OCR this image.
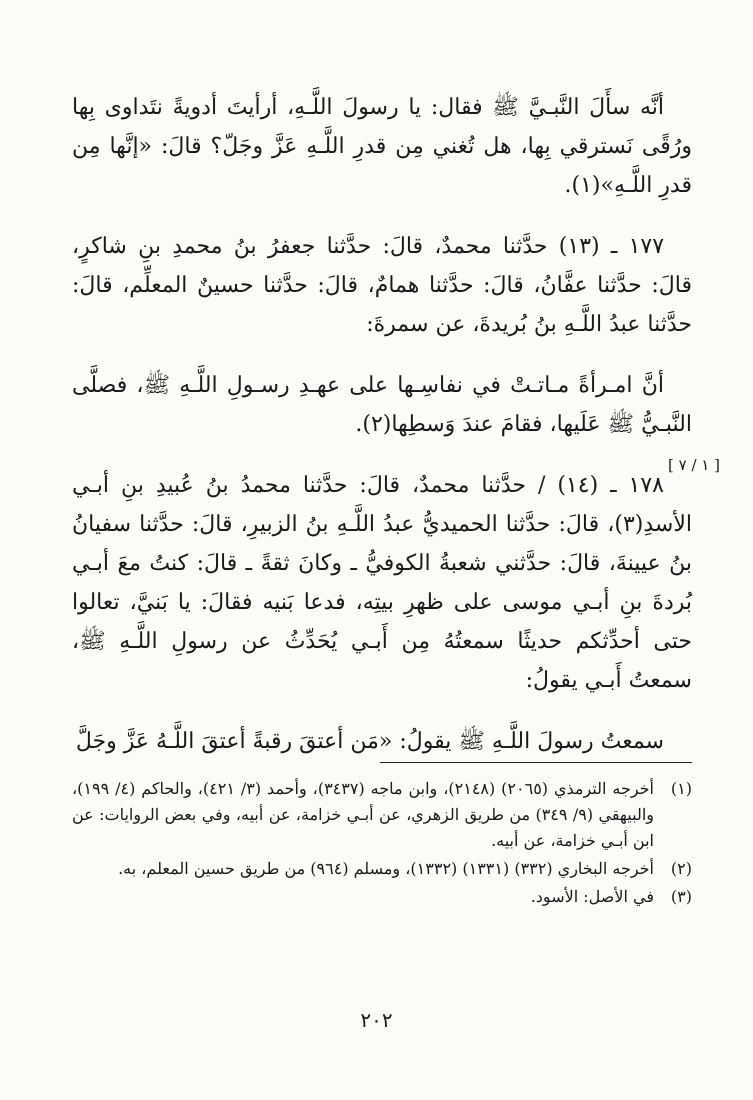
أنَّه سأَلَ النَّبـيَّ ﷺ فقال: يا رسولَ اللَّـهِ، أرأيتَ أدويةً نتَداوى بِها ورُقًى نَسترقي بِها، هل تُغني مِن قدرِ اللَّـهِ عَزَّ وجَلّ؟ قالَ: «إنَّها مِن قدرِ اللَّـهِ»(١).

١٧٧ ـ (١٣) حدَّثنا محمدٌ، قالَ: حدَّثنا جعفرُ بنُ محمدِ بنِ شاكرٍ، قالَ: حدَّثنا عفَّانُ، قالَ: حدَّثنا همامٌ، قالَ: حدَّثنا حسينٌ المعلِّم، قالَ: حدَّثنا عبدُ اللَّـهِ بنُ بُريدةَ، عن سمرةَ:

أنَّ امـرأةً مـاتـتْ في نفاسِـها على عهـدِ رسـولِ اللَّـهِ ﷺ، فصلَّى النَّبـيُّ ﷺ عَلَيها، فقامَ عندَ وَسطِها(٢).

١٧٨ ـ (١٤) / حدَّثنا محمدٌ، قالَ: حدَّثنا محمدُ بنُ عُبيدِ بنِ أبـي الأسدِ(٣)، قالَ: حدَّثنا الحميديُّ عبدُ اللَّـهِ بنُ الزبيرِ، قالَ: حدَّثنا سفيانُ بنُ عيينةَ، قالَ: حدَّثني شعبةُ الكوفيُّ ـ وكانَ ثقةً ـ قالَ: كنتُ معَ أبـي بُردةَ بنِ أبـي موسى على ظهرِ بيتِه، فدعا بَنيه فقالَ: يا بَنيَّ، تعالوا حتى أحدِّثكم حديثًا سمعتُهُ مِن أَبـي يُحَدِّثُ عن رسولِ اللَّـهِ ﷺ، سمعتُ أَبـي يقولُ:

سمعتُ رسولَ اللَّـهِ ﷺ يقولُ: «مَن أعتقَ رقبةً أعتقَ اللَّـهُ عَزَّ وجَلَّ

[ ١ / ٧ ]
(١)
أخرجه الترمذي (٢٠٦٥) (٢١٤٨)، وابن ماجه (٣٤٣٧)، وأحمد (٣/ ٤٢١)، والحاكم (٤/ ١٩٩)، والبيهقي (٩/ ٣٤٩) من طريق الزهري، عن أبـي خزامة، عن أبيه، وفي بعض الروايات: عن ابن أبـي خزامة، عن أبيه.
(٢)
أخرجه البخاري (٣٣٢) (١٣٣١) (١٣٣٢)، ومسلم (٩٦٤) من طريق حسين المعلم، به.
(٣)
في الأصل: الأسود.
٢٠٢
